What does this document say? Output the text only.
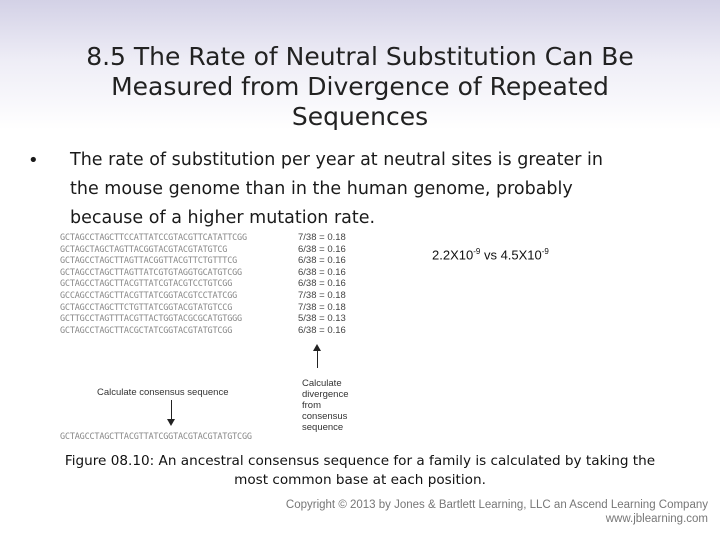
8.5 The Rate of Neutral Substitution Can Be
Measured from Divergence of Repeated
Sequences
• The rate of substitution per year at neutral sites is greater in
the mouse genome than in the human genome, probably
because of a higher mutation rate.
GCTAGCCTAGCTTCCATTATCCGTACGTTCATATTCGG	7/38 = 0.18
GCTAGCTAGCTAGTTACGGTACGTACGTATGTCG	6/38 = 0.16
GCTAGCCTAGCTTAGTTACGGTTACGTTCTGTTTCG	6/38 = 0.16
GCTAGCCTAGCTTAGTTATCGTGTAGGTGCATGTCGG	6/38 = 0.16
GCTAGCCTAGCTTACGTTATCGTACGTCCTGTCGG	6/38 = 0.16
GCCAGCCTAGCTTACGTTATCGGTACGTCCTATCGG	7/38 = 0.18
GCTAGCCTAGCTTCTGTTATCGGTACGTATGTCCG	7/38 = 0.18
GCTTGCCTAGTTTACGTTACTGGTACGCGCATGTGGG	5/38 = 0.13
GCTAGCCTAGCTTACGCTATCGGTACGTATGTCGG	6/38 = 0.16
Calculate
divergence
from
consensus
sequence
Calculate consensus sequence
GCTAGCCTAGCTTACGTTATCGGTACGTACGTATGTCGG
$2.2X10^{-9}$ vs $4.5X10^{-9}$
Figure 08.10: An ancestral consensus sequence for a family is calculated by taking the
most common base at each position.
Copyright © 2013 by Jones & Bartlett Learning, LLC an Ascend Learning Company
www.jblearning.com
